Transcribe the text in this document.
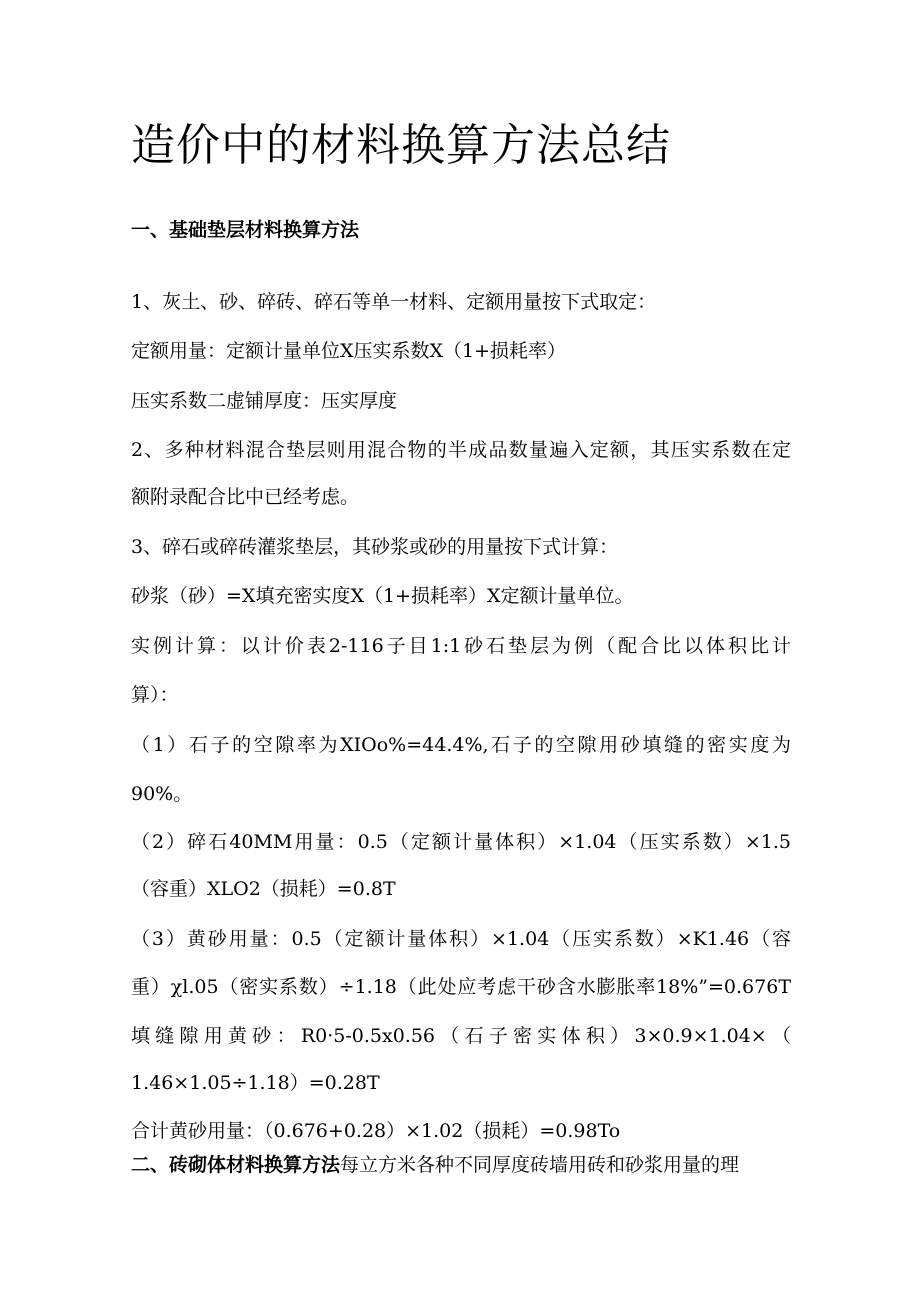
造价中的材料换算方法总结
一、基础垫层材料换算方法

1、灰土、砂、碎砖、碎石等单一材料、定额用量按下式取定：

定额用量：定额计量单位X压实系数X（1+损耗率）

压实系数二虚铺厚度：压实厚度

2、多种材料混合垫层则用混合物的半成品数量遍入定额，其压实系数在定

额附录配合比中已经考虑。

3、碎石或碎砖灌浆垫层，其砂浆或砂的用量按下式计算：

砂浆（砂）=X填充密实度X（1+损耗率）X定额计量单位。

实例计算：以计价表2-116子目1:1砂石垫层为例（配合比以体积比计

算）：

（1）石子的空隙率为XIOo%=44.4%,石子的空隙用砂填缝的密实度为

90%。

（2）碎石40MM用量：0.5（定额计量体积）×1.04（压实系数）×1.5

（容重）XLO2（损耗）=0.8T

（3）黄砂用量：0.5（定额计量体积）×1.04（压实系数）×K1.46（容

重）χl.05（密实系数）÷1.18（此处应考虑干砂含水膨胀率18%”=0.676T

填缝隙用黄砂：R0·5-0.5x0.56（石子密实体积）3×0.9×1.04×（

1.46×1.05÷1.18）=0.28T

合计黄砂用量：（0.676+0.28）×1.02（损耗）=0.98To

二、砖砌体材料换算方法每立方米各种不同厚度砖墙用砖和砂浆用量的理
